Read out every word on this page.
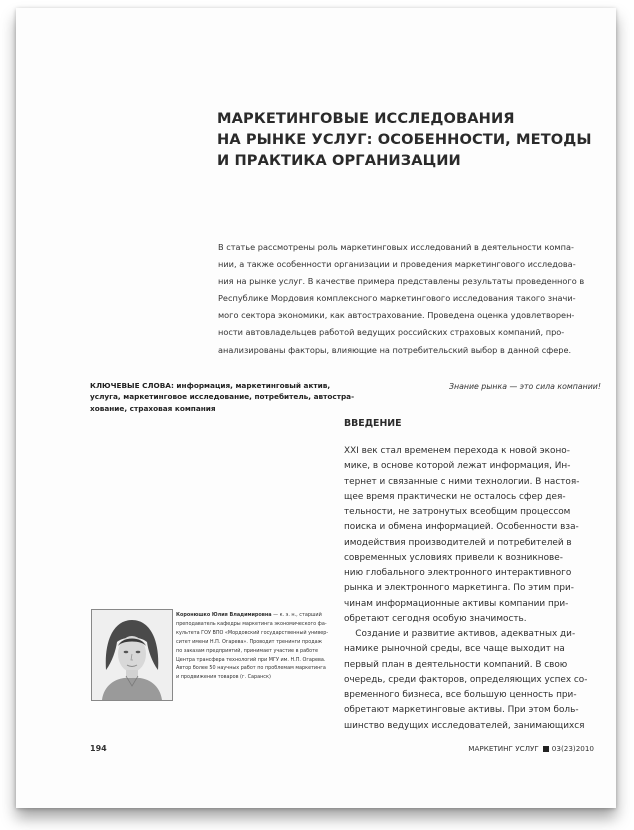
МАРКЕТИНГОВЫЕ ИССЛЕДОВАНИЯ
НА РЫНКЕ УСЛУГ: ОСОБЕННОСТИ, МЕТОДЫ
И ПРАКТИКА ОРГАНИЗАЦИИ
В статье рассмотрены роль маркетинговых исследований в деятельности компа-
нии, а также особенности организации и проведения маркетингового исследова-
ния на рынке услуг. В качестве примера представлены результаты проведенного в
Республике Мордовия комплексного маркетингового исследования такого значи-
мого сектора экономики, как автострахование. Проведена оценка удовлетворен-
ности автовладельцев работой ведущих российских страховых компаний, про-
анализированы факторы, влияющие на потребительский выбор в данной сфере.
КЛЮЧЕВЫЕ СЛОВА: информация, маркетинговый актив,
услуга, маркетинговое исследование, потребитель, автостра-
хование, страховая компания
Знание рынка — это сила компании!
ВВЕДЕНИЕ
XXI век стал временем перехода к новой эконо-
мике, в основе которой лежат информация, Ин-
тернет и связанные с ними технологии. В настоя-
щее время практически не осталось сфер дея-
тельности, не затронутых всеобщим процессом
поиска и обмена информацией. Особенности вза-
имодействия производителей и потребителей в
современных условиях привели к возникнове-
нию глобального электронного интерактивного
рынка и электронного маркетинга. По этим при-
чинам информационные активы компании при-
обретают сегодня особую значимость.
Создание и развитие активов, адекватных ди-
намике рыночной среды, все чаще выходит на
первый план в деятельности компаний. В свою
очередь, среди факторов, определяющих успех со-
временного бизнеса, все большую ценность при-
обретают маркетинговые активы. При этом боль-
шинство ведущих исследователей, занимающихся
Коронюшко Юлия Владимировна — к. э. н., старший
преподаватель кафедры маркетинга экономического фа-
культета ГОУ ВПО «Мордовский государственный универ-
ситет имени Н.П. Огарева». Проводит тренинги продаж
по заказам предприятий, принимает участие в работе
Центра трансфера технологий при МГУ им. Н.П. Огарева.
Автор более 50 научных работ по проблемам маркетинга
и продвижения товаров (г. Саранск)
194	МАРКЕТИНГ УСЛУГ 03(23)2010
